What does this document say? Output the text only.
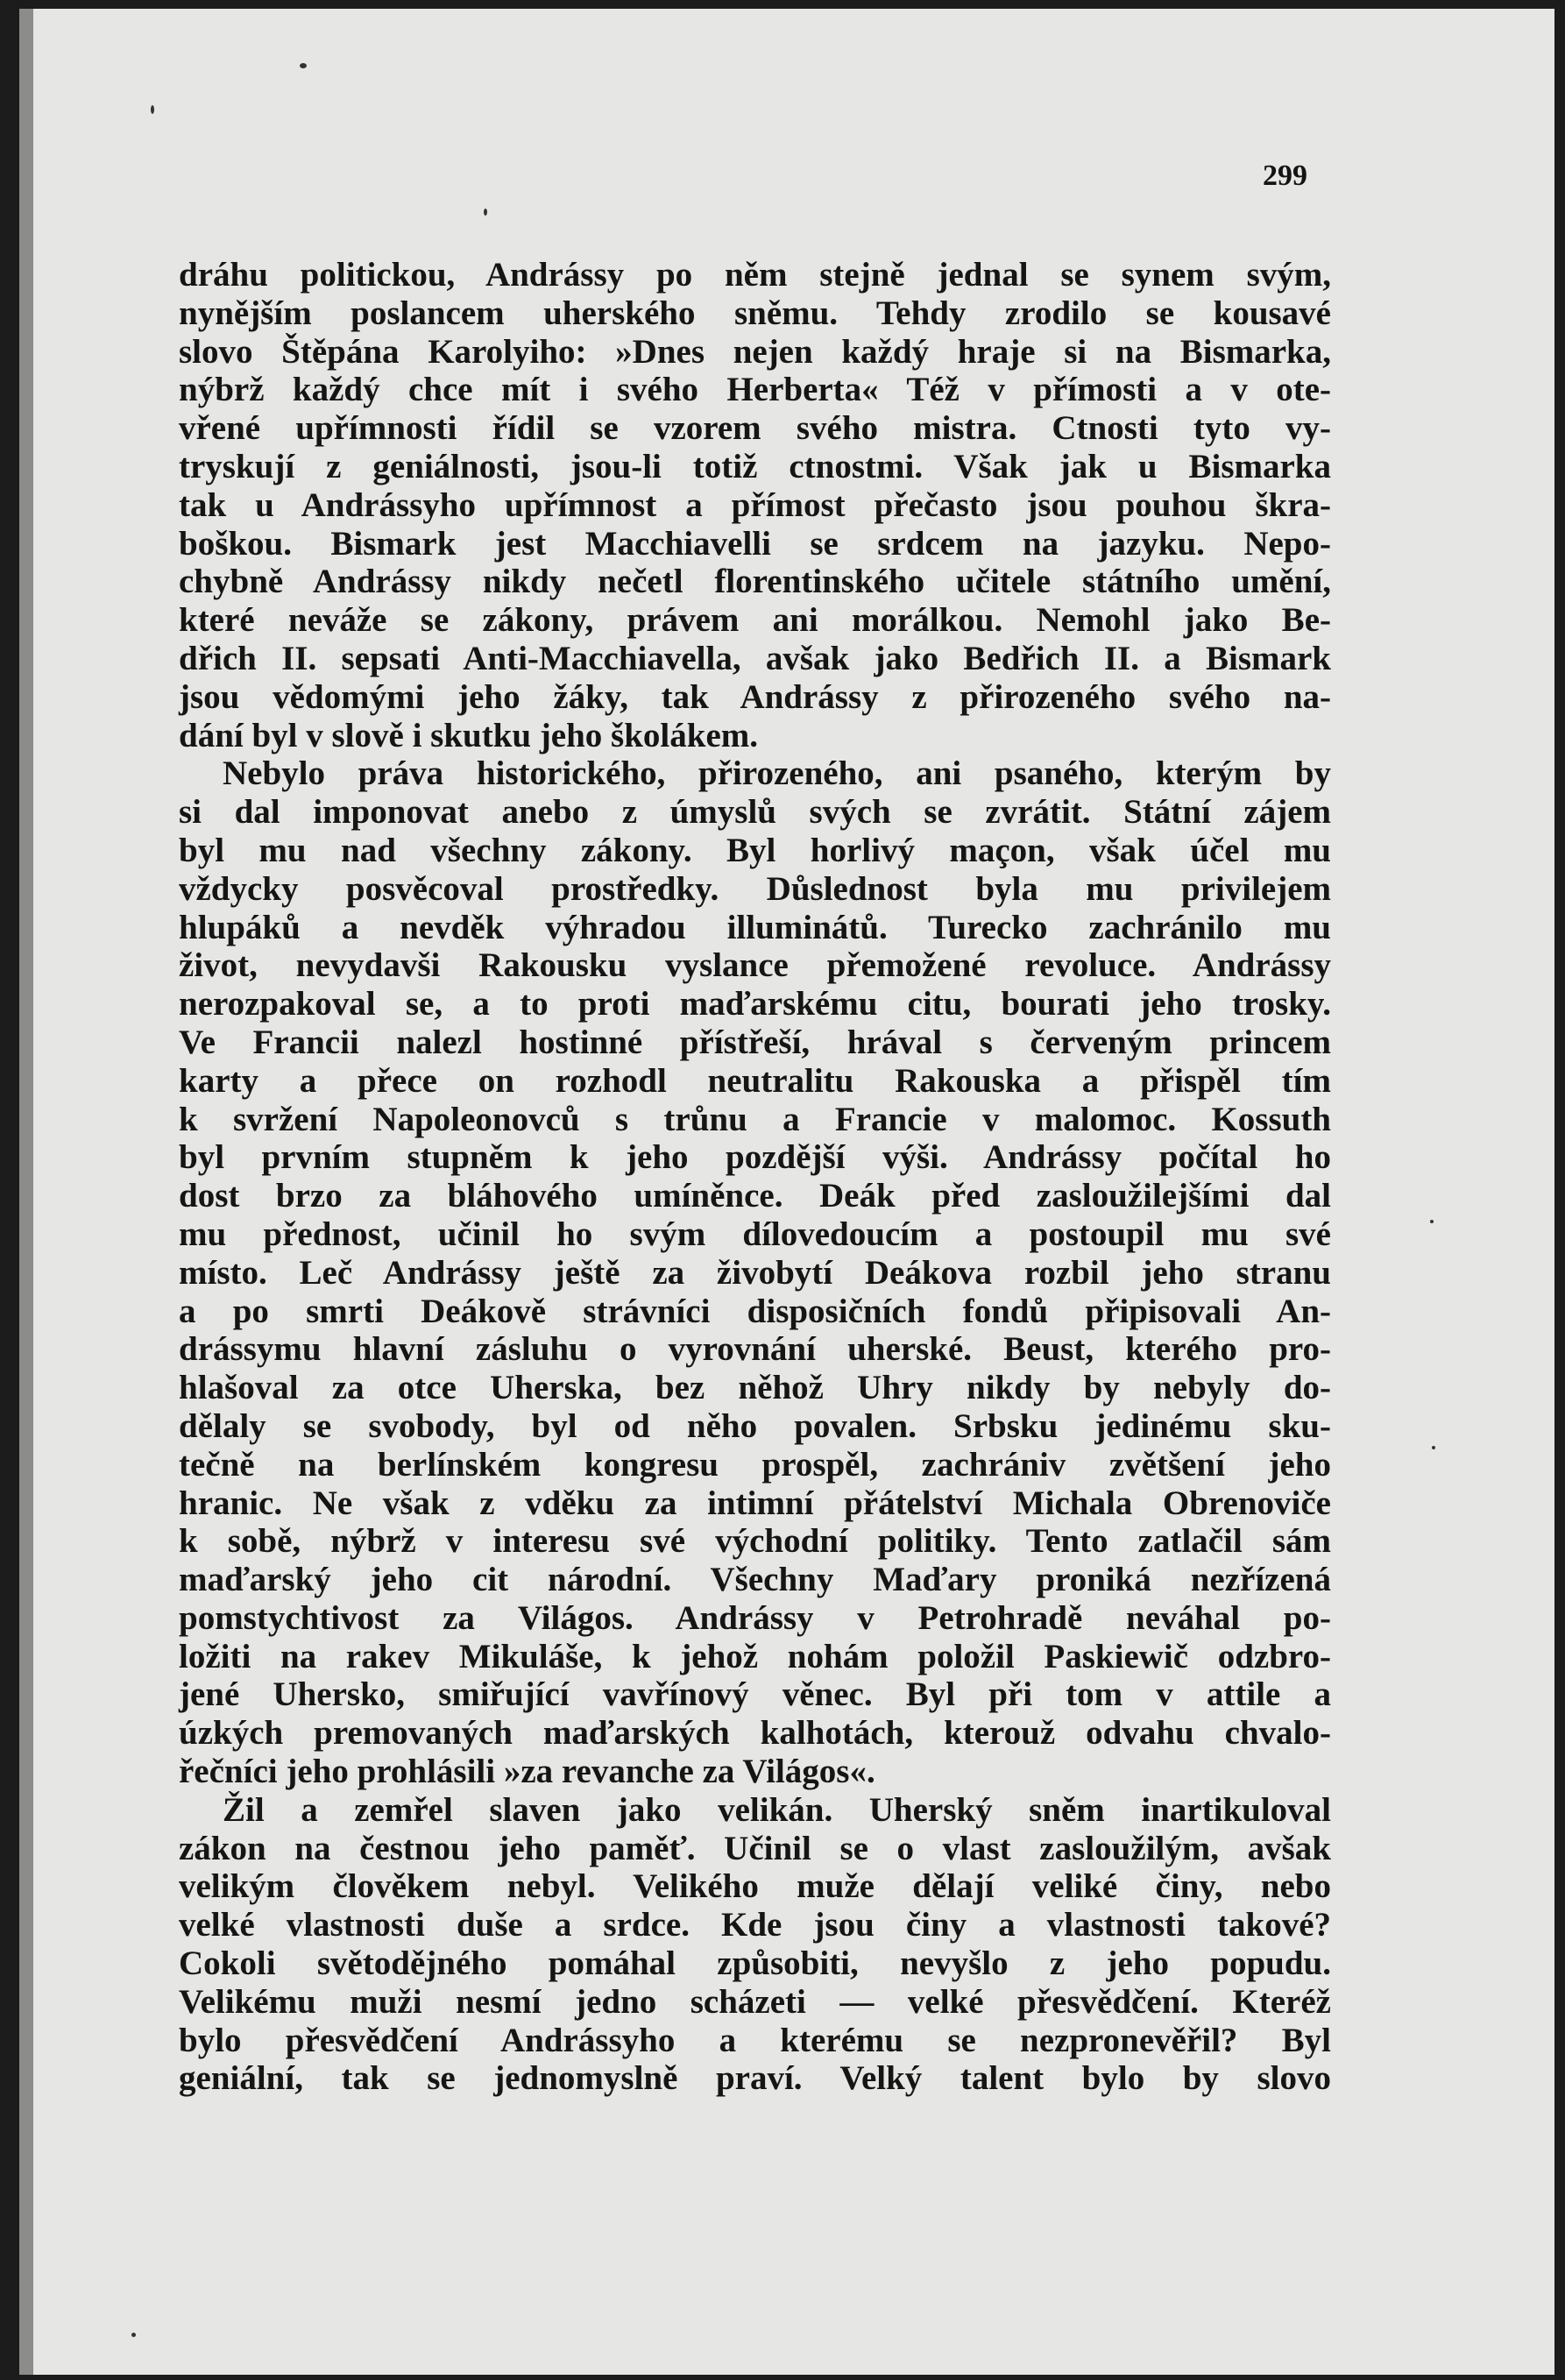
299
dráhu politickou, Andrássy po něm stejně jednal se synem svým,
nynějším poslancem uherského sněmu. Tehdy zrodilo se kousavé
slovo Štěpána Karolyiho: »Dnes nejen každý hraje si na Bismarka,
nýbrž každý chce mít i svého Herberta« Též v přímosti a v ote-
vřené upřímnosti řídil se vzorem svého mistra. Ctnosti tyto vy-
tryskují z geniálnosti, jsou-li totiž ctnostmi. Však jak u Bismarka
tak u Andrássyho upřímnost a přímost přečasto jsou pouhou škra-
boškou. Bismark jest Macchiavelli se srdcem na jazyku. Nepo-
chybně Andrássy nikdy nečetl florentinského učitele státního umění,
které neváže se zákony, právem ani morálkou. Nemohl jako Be-
dřich II. sepsati Anti-Macchiavella, avšak jako Bedřich II. a Bismark
jsou vědomými jeho žáky, tak Andrássy z přirozeného svého na-
dání byl v slově i skutku jeho školákem.
Nebylo práva historického, přirozeného, ani psaného, kterým by
si dal imponovat anebo z úmyslů svých se zvrátit. Státní zájem
byl mu nad všechny zákony. Byl horlivý maçon, však účel mu
vždycky posvěcoval prostředky. Důslednost byla mu privilejem
hlupáků a nevděk výhradou illuminátů. Turecko zachránilo mu
život, nevydavši Rakousku vyslance přemožené revoluce. Andrássy
nerozpakoval se, a to proti maďarskému citu, bourati jeho trosky.
Ve Francii nalezl hostinné přístřeší, hrával s červeným princem
karty a přece on rozhodl neutralitu Rakouska a přispěl tím
k svržení Napoleonovců s trůnu a Francie v malomoc. Kossuth
byl prvním stupněm k jeho pozdější výši. Andrássy počítal ho
dost brzo za bláhového umíněnce. Deák před zasloužilejšími dal
mu přednost, učinil ho svým dílovedoucím a postoupil mu své
místo. Leč Andrássy ještě za živobytí Deákova rozbil jeho stranu
a po smrti Deákově strávníci disposičních fondů připisovali An-
drássymu hlavní zásluhu o vyrovnání uherské. Beust, kterého pro-
hlašoval za otce Uherska, bez něhož Uhry nikdy by nebyly do-
dělaly se svobody, byl od něho povalen. Srbsku jedinému sku-
tečně na berlínském kongresu prospěl, zachrániv zvětšení jeho
hranic. Ne však z vděku za intimní přátelství Michala Obrenoviče
k sobě, nýbrž v interesu své východní politiky. Tento zatlačil sám
maďarský jeho cit národní. Všechny Maďary proniká nezřízená
pomstychtivost za Világos. Andrássy v Petrohradě neváhal po-
ložiti na rakev Mikuláše, k jehož nohám položil Paskiewič odzbro-
jené Uhersko, smiřující vavřínový věnec. Byl při tom v attile a
úzkých premovaných maďarských kalhotách, kterouž odvahu chvalo-
řečníci jeho prohlásili »za revanche za Világos«.
Žil a zemřel slaven jako velikán. Uherský sněm inartikuloval
zákon na čestnou jeho paměť. Učinil se o vlast zasloužilým, avšak
velikým člověkem nebyl. Velikého muže dělají veliké činy, nebo
velké vlastnosti duše a srdce. Kde jsou činy a vlastnosti takové?
Cokoli světodějného pomáhal způsobiti, nevyšlo z jeho popudu.
Velikému muži nesmí jedno scházeti — velké přesvědčení. Kteréž
bylo přesvědčení Andrássyho a kterému se nezpronevěřil? Byl
geniální, tak se jednomyslně praví. Velký talent bylo by slovo
